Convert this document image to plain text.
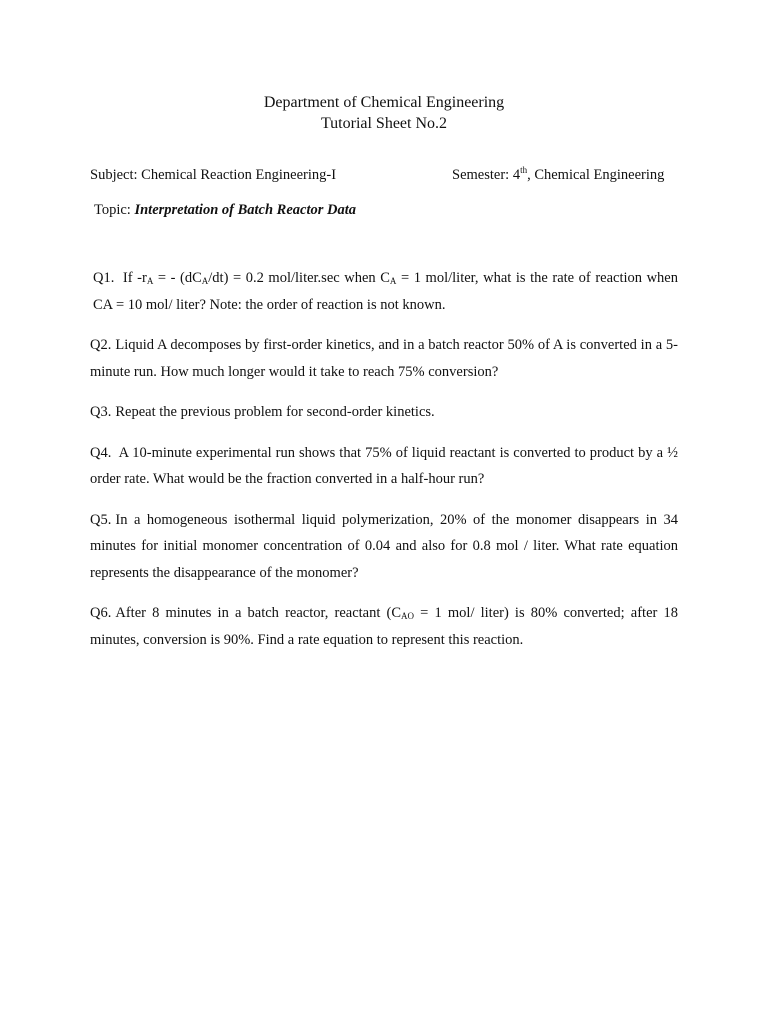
Department of Chemical Engineering
Tutorial Sheet No.2
Subject: Chemical Reaction Engineering-I	Semester: 4th, Chemical Engineering
Topic: Interpretation of Batch Reactor Data

Q1. If $-r_A$ = - $(dC_A/dt) = 0.2$ mol/liter.sec when $C_A = 1$ mol/liter, what is the rate of reaction when CA = 10 mol/ liter? Note: the order of reaction is not known.

Q2. Liquid A decomposes by first-order kinetics, and in a batch reactor 50% of A is converted in a 5-minute run. How much longer would it take to reach 75% conversion?

Q3. Repeat the previous problem for second-order kinetics.

Q4. A 10-minute experimental run shows that 75% of liquid reactant is converted to product by a ½ order rate. What would be the fraction converted in a half-hour run?

Q5. In a homogeneous isothermal liquid polymerization, 20% of the monomer disappears in 34 minutes for initial monomer concentration of 0.04 and also for 0.8 mol / liter. What rate equation represents the disappearance of the monomer?

Q6. After 8 minutes in a batch reactor, reactant ($C_{AO} = 1$ mol/ liter) is 80% converted; after 18 minutes, conversion is 90%. Find a rate equation to represent this reaction.
